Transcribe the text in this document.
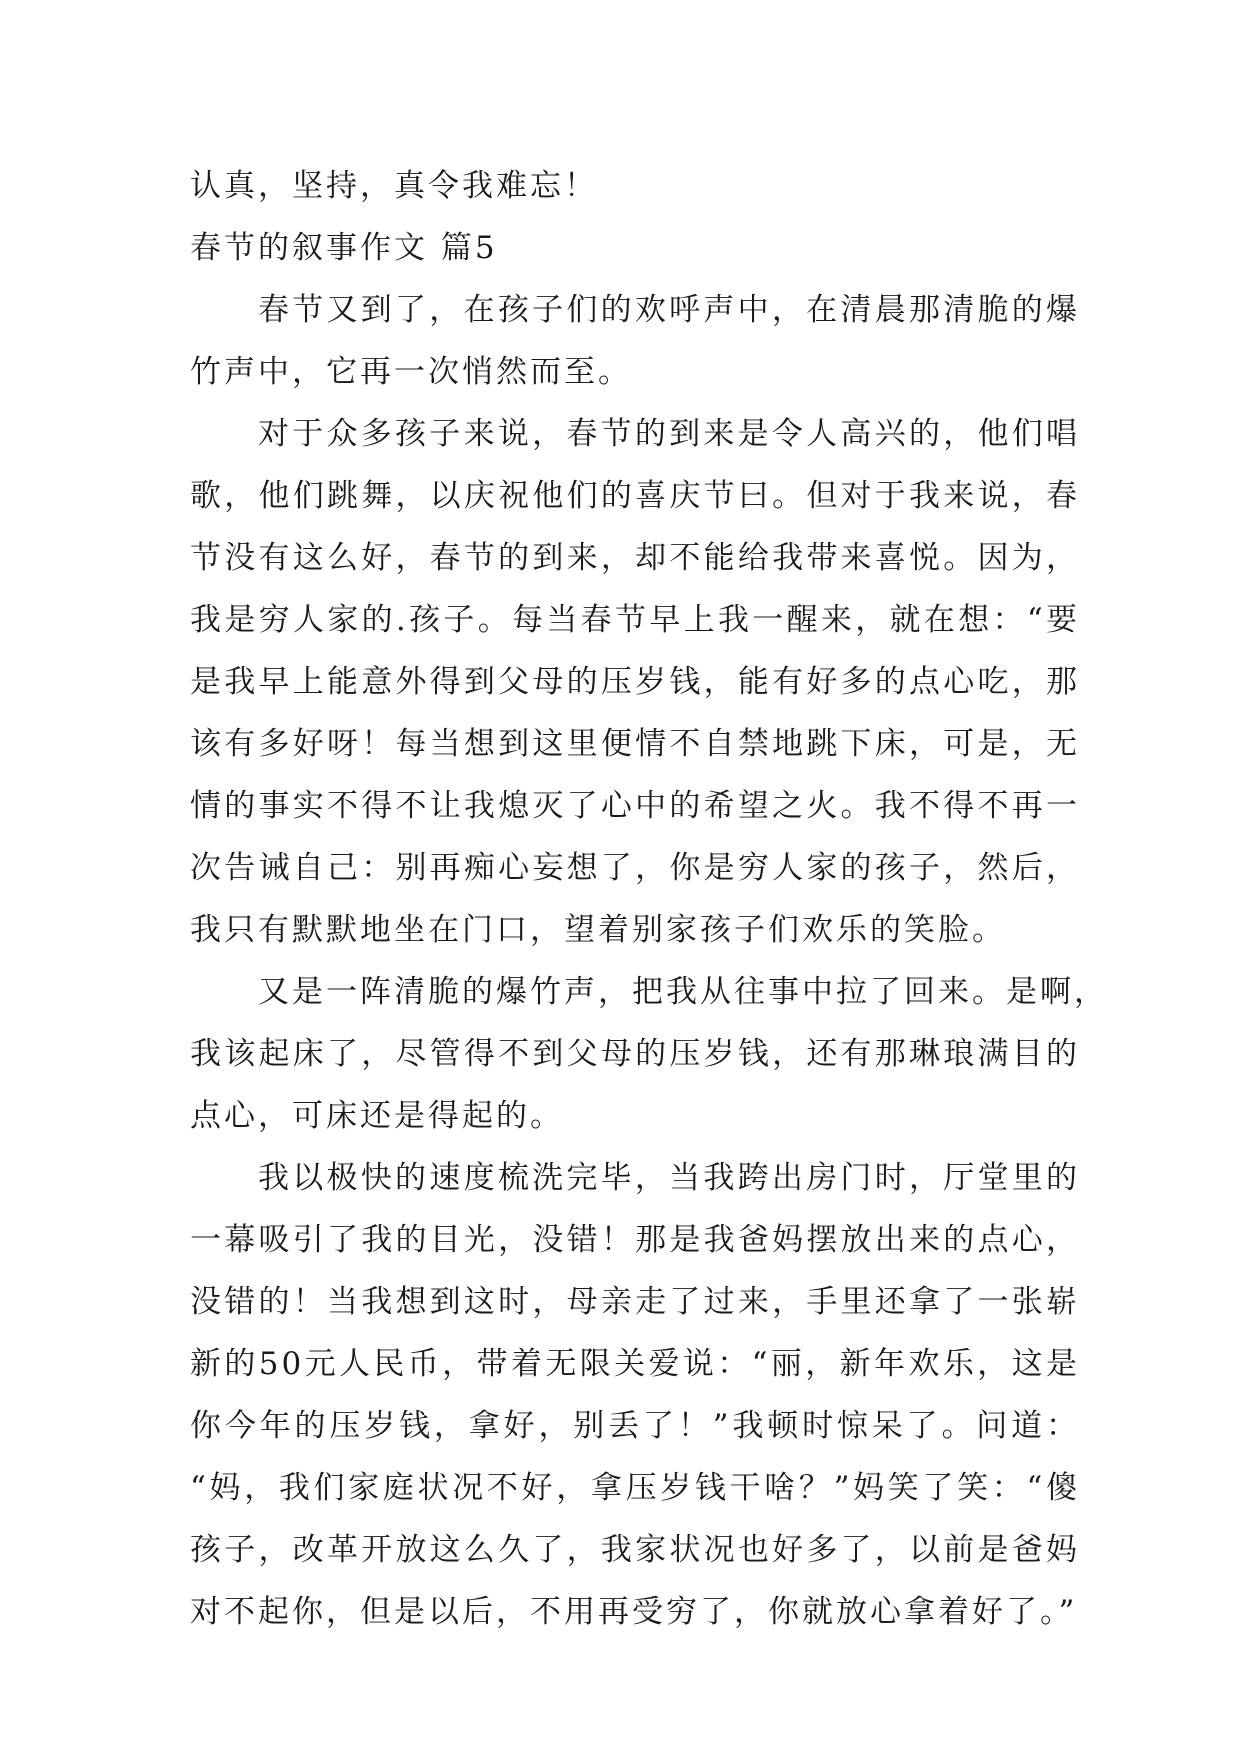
认真，坚持，真令我难忘！

春节的叙事作文 篇5

春节又到了，在孩子们的欢呼声中，在清晨那清脆的爆

竹声中，它再一次悄然而至。

对于众多孩子来说，春节的到来是令人高兴的，他们唱

歌，他们跳舞，以庆祝他们的喜庆节曰。但对于我来说，春

节没有这么好，春节的到来，却不能给我带来喜悦。因为，

我是穷人家的.孩子。每当春节早上我一醒来，就在想：“要

是我早上能意外得到父母的压岁钱，能有好多的点心吃，那

该有多好呀！每当想到这里便情不自禁地跳下床，可是，无

情的事实不得不让我熄灭了心中的希望之火。我不得不再一

次告诫自己：别再痴心妄想了，你是穷人家的孩子，然后，

我只有默默地坐在门口，望着别家孩子们欢乐的笑脸。

又是一阵清脆的爆竹声，把我从往事中拉了回来。是啊，

我该起床了，尽管得不到父母的压岁钱，还有那琳琅满目的

点心，可床还是得起的。

我以极快的速度梳洗完毕，当我跨出房门时，厅堂里的

一幕吸引了我的目光，没错！那是我爸妈摆放出来的点心，

没错的！当我想到这时，母亲走了过来，手里还拿了一张崭

新的50元人民币，带着无限关爱说：“丽，新年欢乐，这是

你今年的压岁钱，拿好，别丢了！”我顿时惊呆了。问道：

“妈，我们家庭状况不好，拿压岁钱干啥？”妈笑了笑：“傻

孩子，改革开放这么久了，我家状况也好多了，以前是爸妈

对不起你，但是以后，不用再受穷了，你就放心拿着好了。”
